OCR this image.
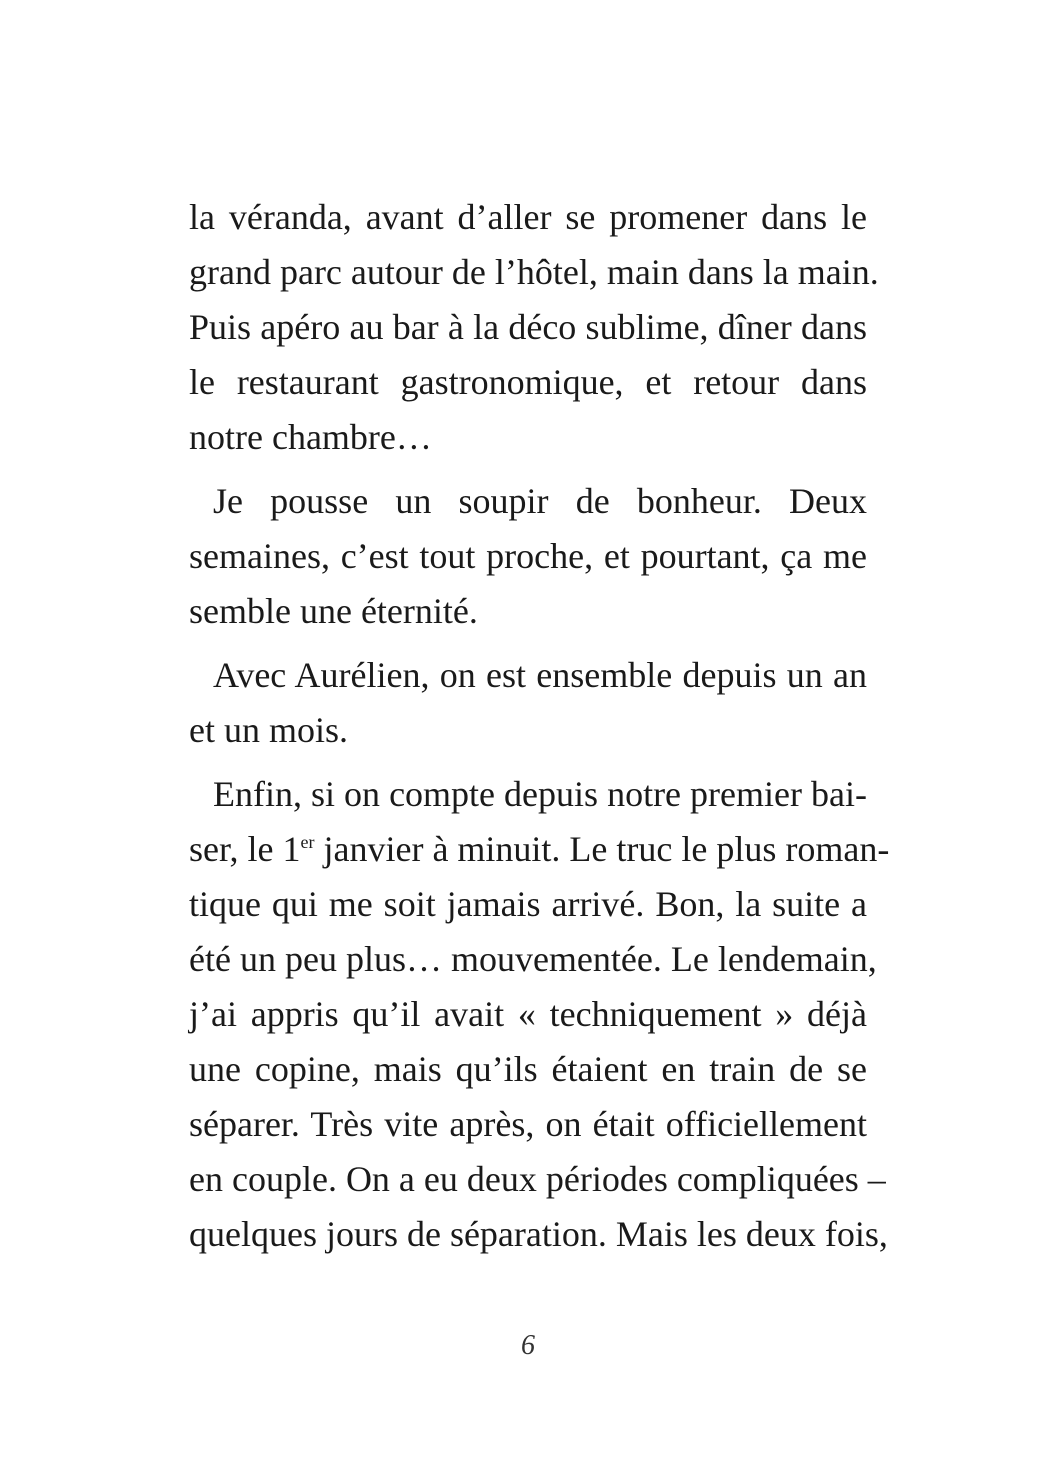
la véranda, avant d’aller se promener dans le
grand parc autour de l’hôtel, main dans la main.
Puis apéro au bar à la déco sublime, dîner dans
le restaurant gastronomique, et retour dans
notre chambre…
Je pousse un soupir de bonheur. Deux
semaines, c’est tout proche, et pourtant, ça me
semble une éternité.
Avec Aurélien, on est ensemble depuis un an
et un mois.
Enfin, si on compte depuis notre premier bai-
ser, le 1er janvier à minuit. Le truc le plus roman-
tique qui me soit jamais arrivé. Bon, la suite a
été un peu plus… mouvementée. Le lendemain,
j’ai appris qu’il avait « techniquement » déjà
une copine, mais qu’ils étaient en train de se
séparer. Très vite après, on était officiellement
en couple. On a eu deux périodes compliquées –
quelques jours de séparation. Mais les deux fois,
6
